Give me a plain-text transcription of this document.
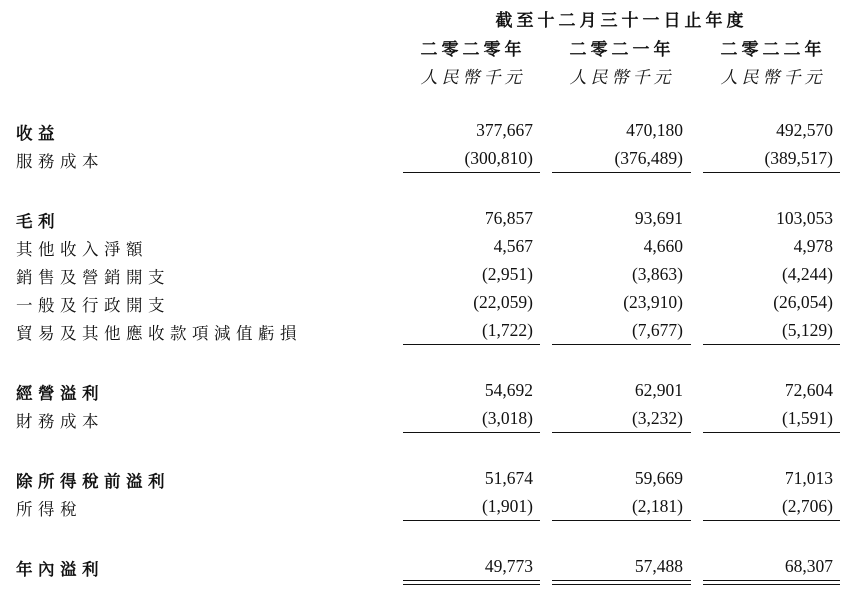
截至十二月三十一日止年度
二零二零年	二零二一年	二零二二年
人民幣千元	人民幣千元	人民幣千元
收益	377,667	470,180	492,570
服務成本	(300,810)	(376,489)	(389,517)
毛利	76,857	93,691	103,053
其他收入淨額	4,567	4,660	4,978
銷售及營銷開支	(2,951)	(3,863)	(4,244)
一般及行政開支	(22,059)	(23,910)	(26,054)
貿易及其他應收款項減值虧損	(1,722)	(7,677)	(5,129)
經營溢利	54,692	62,901	72,604
財務成本	(3,018)	(3,232)	(1,591)
除所得稅前溢利	51,674	59,669	71,013
所得稅	(1,901)	(2,181)	(2,706)
年內溢利	49,773	57,488	68,307
